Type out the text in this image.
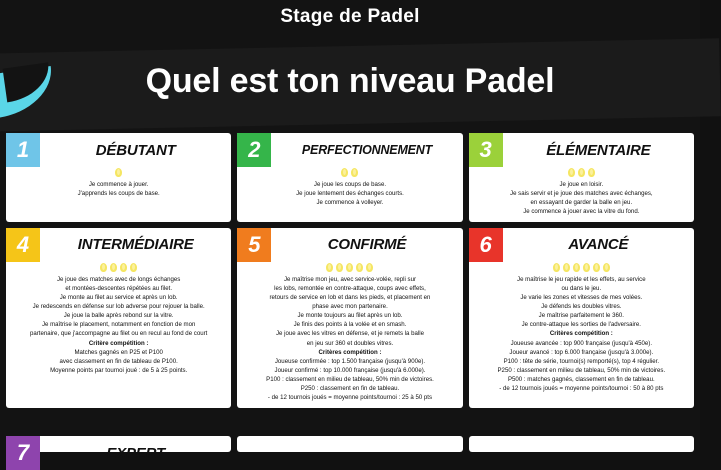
Stage de Padel
Quel est ton niveau Padel
1	DÉBUTANT

Je commence à jouer.

J'apprends les coups de base.

2	PERFECTIONNEMENT

Je joue les coups de base.

Je joue lentement des échanges courts.

Je commence à volleyer.

3	ÉLÉMENTAIRE

Je joue en loisir.

Je sais servir et je joue des matches avec échanges,

en essayant de garder la balle en jeu.

Je commence à jouer avec la vitre du fond.

4	INTERMÉDIAIRE

Je joue des matches avec de longs échanges

et montées-descentes répétées au filet.

Je monte au filet au service et après un lob.

Je redescends en défense sur lob adverse pour rejouer la balle.

Je joue la balle après rebond sur la vitre.

Je maîtrise le placement, notamment en fonction de mon

partenaire, que j'accompagne au filet ou en recul au fond de court

Critère compétition :

Matches gagnés en P25 et P100

avec classement en fin de tableau de P100.

Moyenne points par tournoi joué : de 5 à 25 points.

5	CONFIRMÉ

Je maîtrise mon jeu, avec service-volée, repli sur

les lobs, remontée en contre-attaque, coups avec effets,

retours de service en lob et dans les pieds, et placement en

phase avec mon partenaire.

Je monte toujours au filet après un lob.

Je finis des points à la volée et en smash.

Je joue avec les vitres en défense, et je remets la balle

en jeu sur 360 et doubles vitres.

Critères compétition :

Joueuse confirmée : top 1.500 française (jusqu'à 900e).

Joueur confirmé : top 10.000 française (jusqu'à 6.000e).

P100 : classement en milieu de tableau, 50% min de victoires.

P250 : classement en fin de tableau.

- de 12 tournois joués = moyenne points/tournoi : 25 à 50 pts

6	AVANCÉ

Je maîtrise le jeu rapide et les effets, au service

ou dans le jeu.

Je varie les zones et vitesses de mes volées.

Je défends les doubles vitres.

Je maîtrise parfaitement le 360.

Je contre-attaque les sorties de l'adversaire.

Critères compétition :

Joueuse avancée : top 900 française (jusqu'à 450e).

Joueur avancé : top 6.000 française (jusqu'à 3.000e).

P100 : tête de série, tournoi(s) remporté(s), top 4 régulier.

P250 : classement en milieu de tableau, 50% min de victoires.

P500 : matches gagnés, classement en fin de tableau.

- de 12 tournois joués = moyenne points/tournoi : 50 à 80 pts

7	EXPERT
